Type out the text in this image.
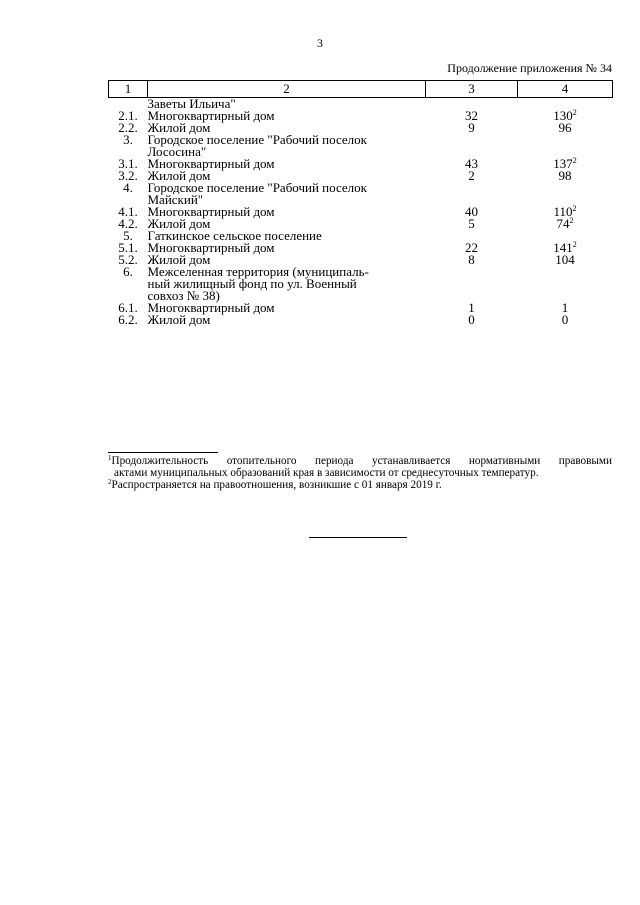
3
Продолжение приложения № 34
1	2	3	4

	Заветы Ильича"		

2.1.	Многоквартирный дом	32	$130^2$
2.2.	Жилой дом	9	96
3.	Городское поселение "Рабочий поселок
Лососина"		

3.1.	Многоквартирный дом	43	$137^2$
3.2.	Жилой дом	2	98
4.	Городское поселение "Рабочий поселок
Майский"		

4.1.	Многоквартирный дом	40	$110^2$
4.2.	Жилой дом	5	$74^2$
5.	Гаткинское сельское поселение		

5.1.	Многоквартирный дом	22	$141^2$
5.2.	Жилой дом	8	104
6.	Межселенная территория (муниципаль-
ный жилищный фонд по ул. Военный
совхоз № 38)		

6.1.	Многоквартирный дом	1	1
6.2.	Жилой дом	0	0

$^1$Продолжительность отопительного периода устанавливается нормативными правовыми

актами муниципальных образований края в зависимости от среднесуточных температур.

$^2$Распространяется на правоотношения, возникшие с 01 января 2019 г.
